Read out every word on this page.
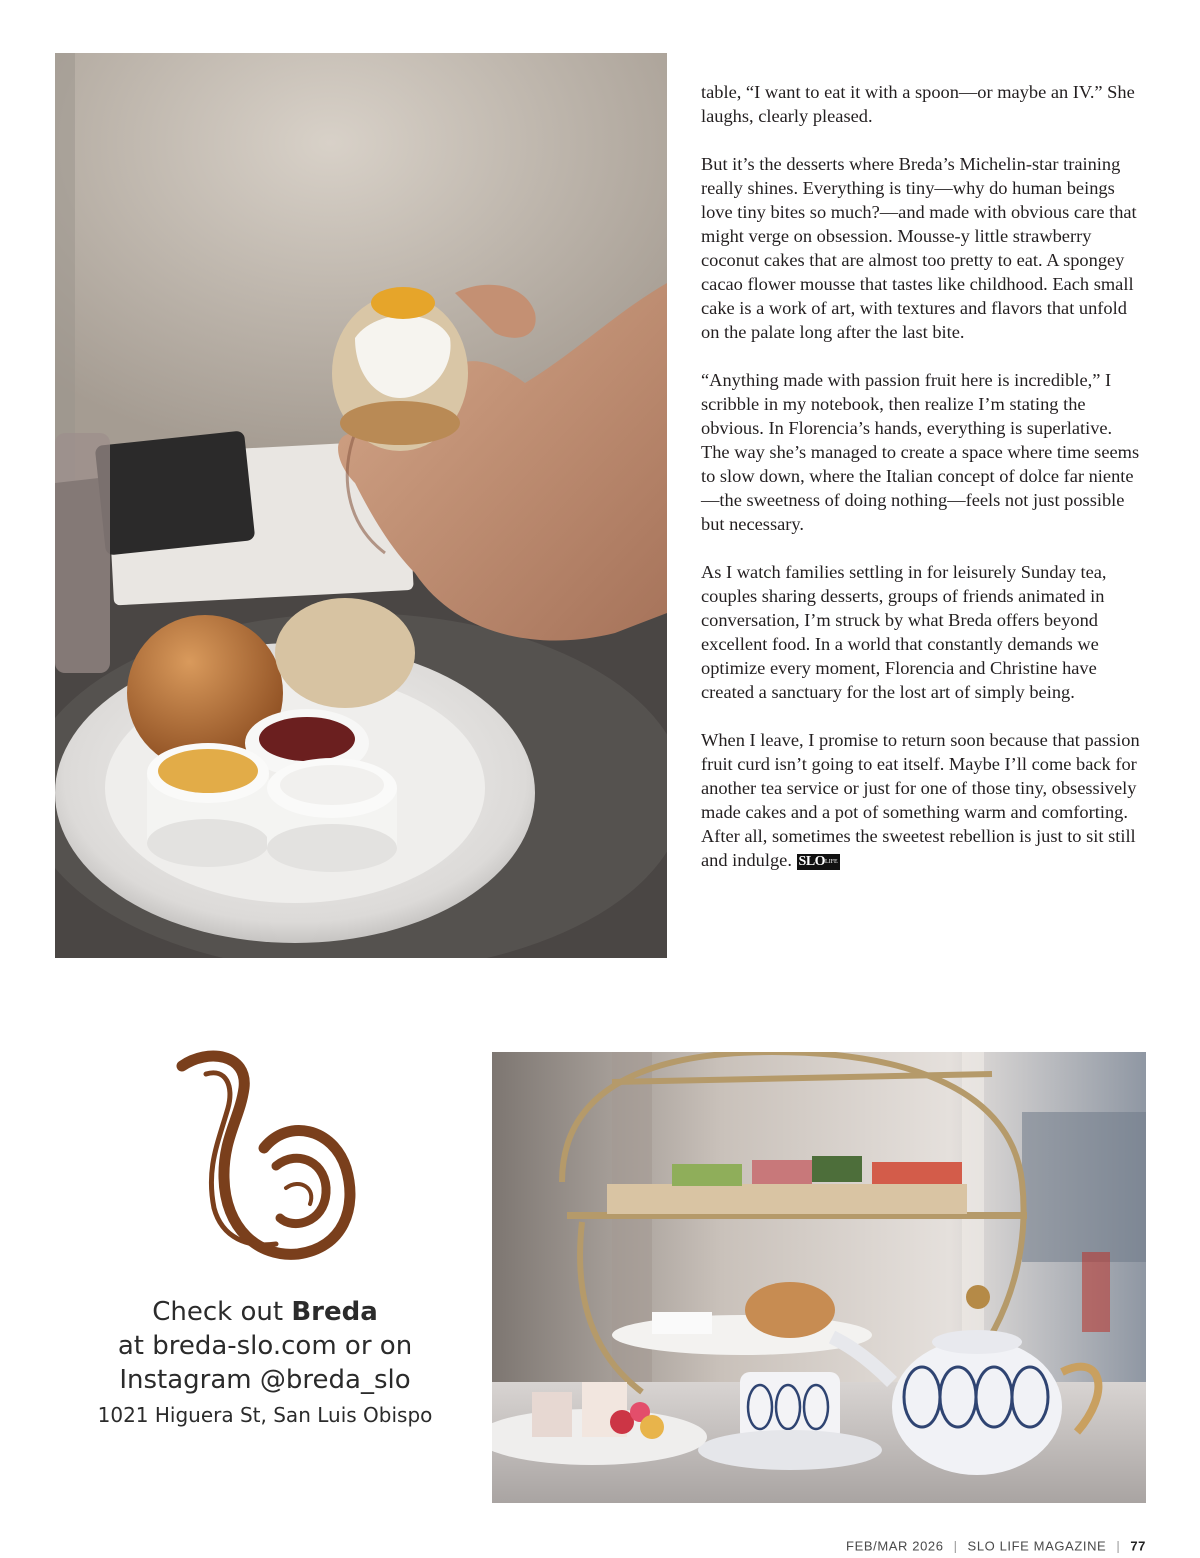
table, “I want to eat it with a spoon—or maybe an IV.” She laughs, clearly pleased.

But it’s the desserts where Breda’s Michelin-star training really shines. Everything is tiny—why do human beings love tiny bites so much?—and made with obvious care that might verge on obsession. Mousse-y little strawberry coconut cakes that are almost too pretty to eat. A spongey cacao flower mousse that tastes like childhood. Each small cake is a work of art, with textures and flavors that unfold on the palate long after the last bite.

“Anything made with passion fruit here is incredible,” I scribble in my notebook, then realize I’m stating the obvious. In Florencia’s hands, everything is superlative. The way she’s managed to create a space where time seems to slow down, where the Italian concept of dolce far niente—the sweetness of doing nothing—feels not just possible but necessary.

As I watch families settling in for leisurely Sunday tea, couples sharing desserts, groups of friends animated in conversation, I’m struck by what Breda offers beyond excellent food. In a world that constantly demands we optimize every moment, Florencia and Christine have created a sanctuary for the lost art of simply being.

When I leave, I promise to return soon because that passion fruit curd isn’t going to eat itself. Maybe I’ll come back for another tea service or just for one of those tiny, obsessively made cakes and a pot of something warm and comforting. After all, sometimes the sweetest rebellion is just to sit still and indulge. $SLO^{LIFE}$

Check out Breda
at breda-slo.com or on
Instagram @breda_slo
1021 Higuera St, San Luis Obispo
FEB/MAR 2026 | SLO LIFE MAGAZINE | 77
